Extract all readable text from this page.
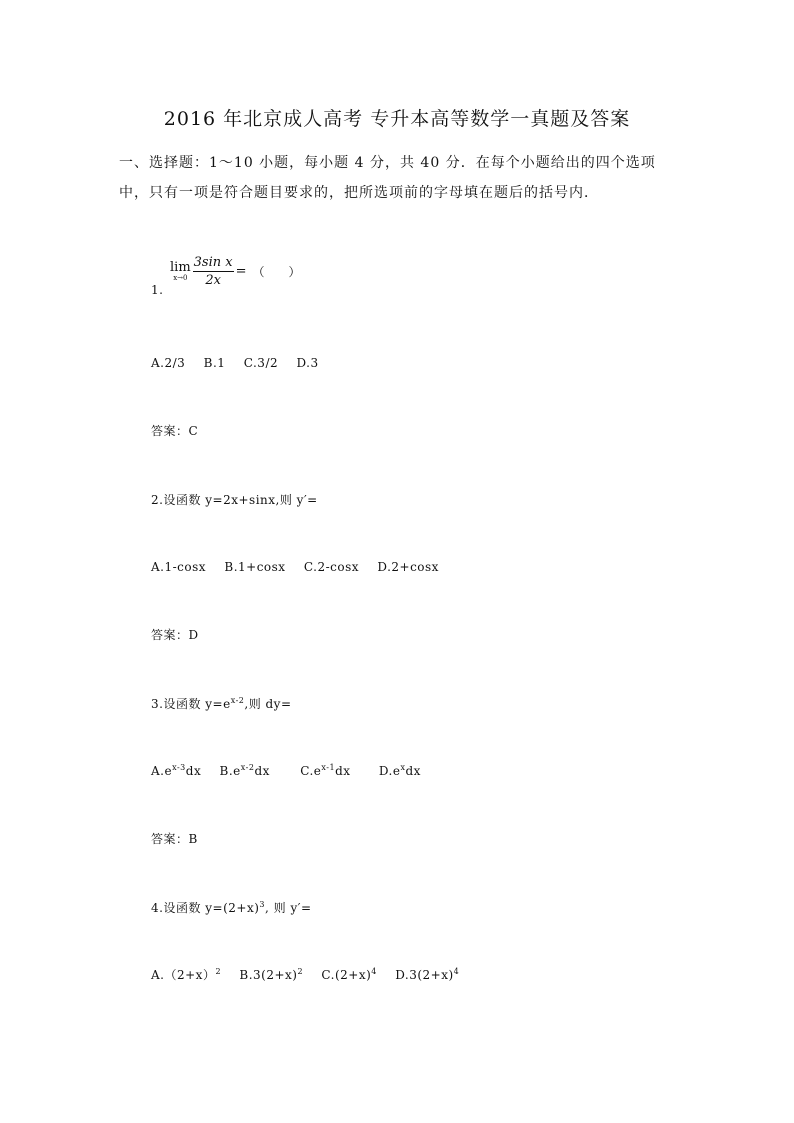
2016 年北京成人高考 专升本高等数学一真题及答案
一、选择题：1～10 小题，每小题 4 分，共 40 分．在每个小题给出的四个选项中，只有一项是符合题目要求的，把所选项前的字母填在题后的括号内．
lim
$x\to 0 \frac{\text{3sin x}}{2x}$ = （　　）
1.
A.2/3 B.1 C.3/2 D.3
答案：C
2.设函数 y=2x+sinx,则 y′=
A.1-cosx B.1+cosx C.2-cosx D.2+cosx
答案：D
3.设函数 $y=e^{x-2}$,则 dy=
$A.e^{x-3}dx$ $B.e^{x-2}dx$	$C.e^{x-1}dx$ $D.e^xdx$
答案：B
4.设函数 $y=(2+x)^3$, 则 y′=
$A.(2+x)^2$ $B.3(2+x)^2$ $C.(2+x)^4$ $D.3(2+x)^4$
